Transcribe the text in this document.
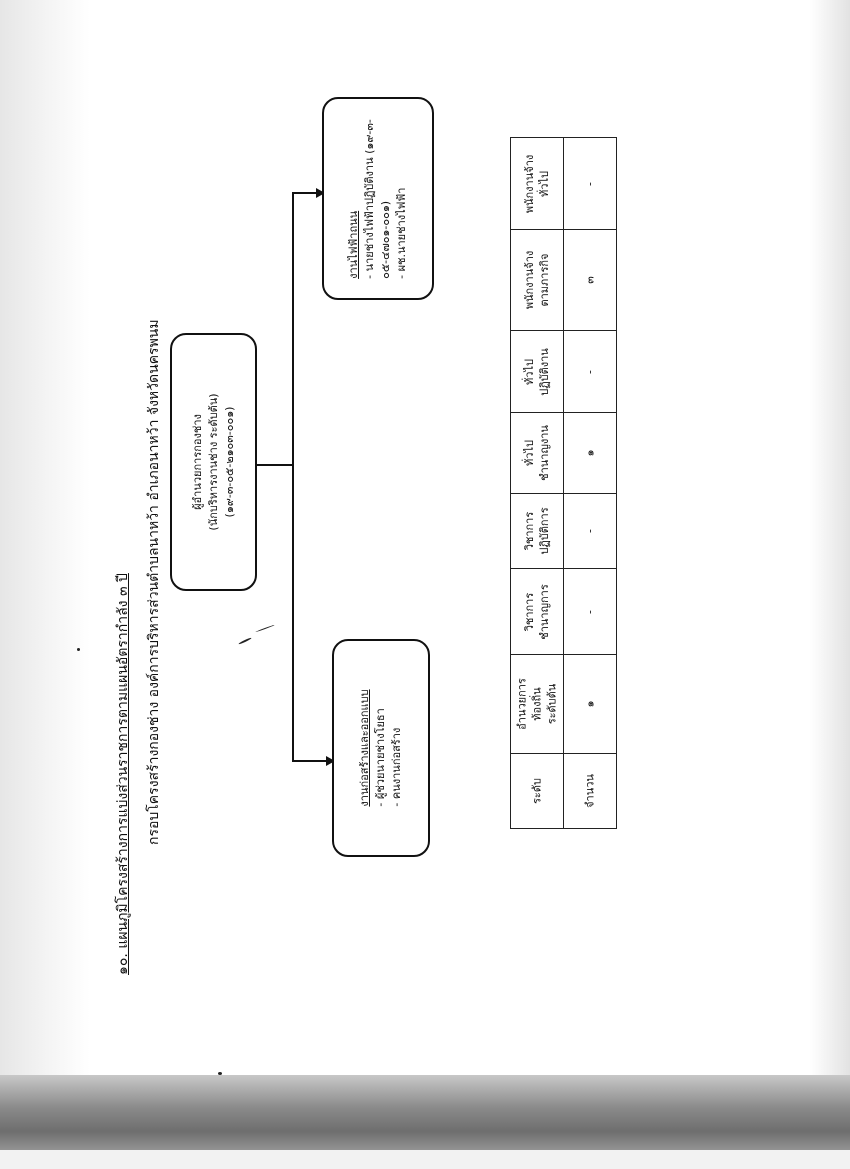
๑๐. แผนภูมิโครงสร้างการแบ่งส่วนราชการตามแผนอัตรากำลัง ๓ ปี กรอบโครงสร้างกองช่าง องค์การบริหารส่วนตำบลนาหว้า อำเภอนาหว้า จังหวัดนครพนม	ผู้อำนวยการกองช่าง (นักบริหารงานช่าง ระดับต้น) (๑๙-๓-๐๕-๒๑๐๓-๐๐๑)
งานไฟฟ้าถนน - นายช่างไฟฟ้าปฏิบัติงาน (๑๙-๓- ๐๕-๔๗๐๑-๐๐๑) - ผช.นายช่างไฟฟ้า
งานก่อสร้างและออกแบบ - ผู้ช่วยนายช่างโยธา - คนงานก่อสร้าง
พนักงานจ้าง ทั่วไป	-

พนักงานจ้าง ตามภารกิจ	๓

ทั่วไป ปฏิบัติงาน	-

ทั่วไป ชำนาญงาน	๑

วิชาการ ปฏิบัติการ	-

วิชาการ ชำนาญการ	-

อำนวยการ ท้องถิ่น ระดับต้น	๑

ระดับ	จำนวน
